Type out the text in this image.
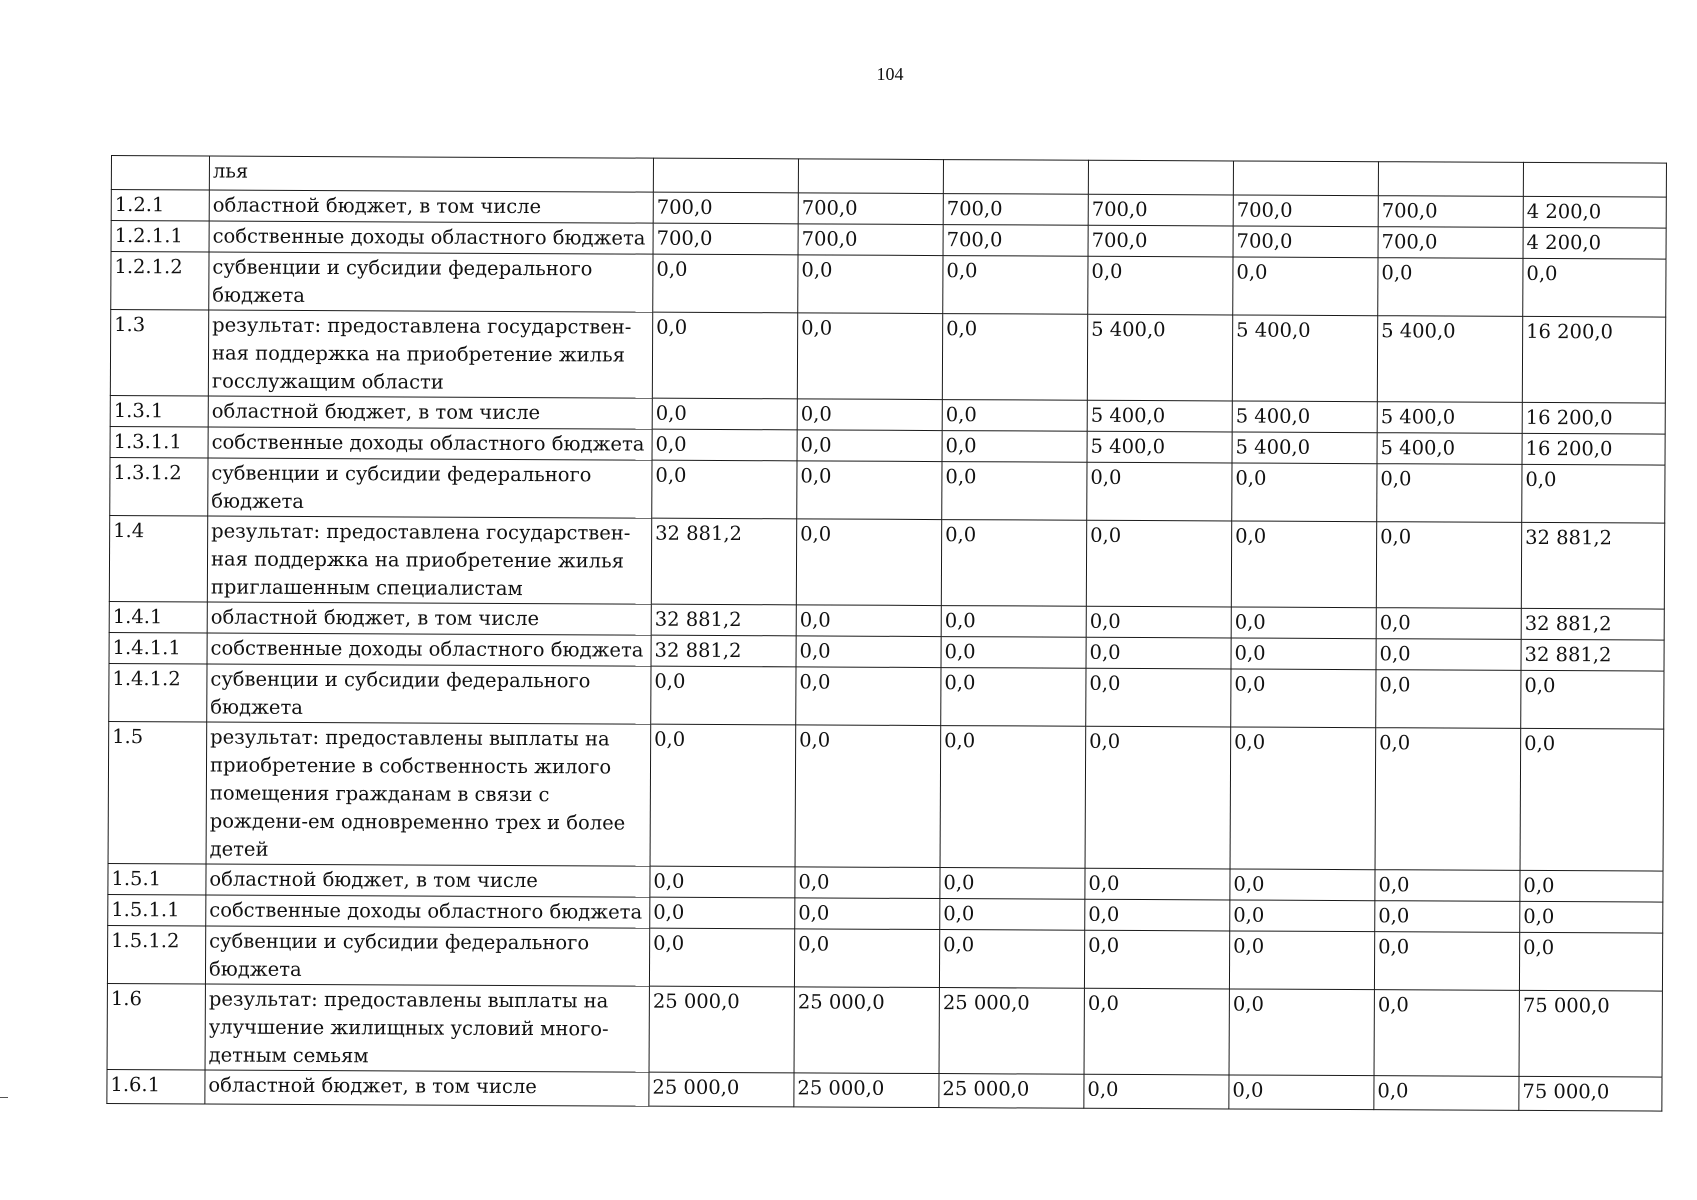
104
	лья							
1.2.1	областной бюджет, в том числе	700,0	700,0	700,0	700,0	700,0	700,0	4 200,0
1.2.1.1	собственные доходы областного бюджета	700,0	700,0	700,0	700,0	700,0	700,0	4 200,0
1.2.1.2	субвенции и субсидии федерального бюджета	0,0	0,0	0,0	0,0	0,0	0,0	0,0
1.3	результат: предоставлена государствен-ная поддержка на приобретение жилья госслужащим области	0,0	0,0	0,0	5 400,0	5 400,0	5 400,0	16 200,0
1.3.1	областной бюджет, в том числе	0,0	0,0	0,0	5 400,0	5 400,0	5 400,0	16 200,0
1.3.1.1	собственные доходы областного бюджета	0,0	0,0	0,0	5 400,0	5 400,0	5 400,0	16 200,0
1.3.1.2	субвенции и субсидии федерального бюджета	0,0	0,0	0,0	0,0	0,0	0,0	0,0
1.4	результат: предоставлена государствен-ная поддержка на приобретение жилья приглашенным специалистам	32 881,2	0,0	0,0	0,0	0,0	0,0	32 881,2
1.4.1	областной бюджет, в том числе	32 881,2	0,0	0,0	0,0	0,0	0,0	32 881,2
1.4.1.1	собственные доходы областного бюджета	32 881,2	0,0	0,0	0,0	0,0	0,0	32 881,2
1.4.1.2	субвенции и субсидии федерального бюджета	0,0	0,0	0,0	0,0	0,0	0,0	0,0
1.5	результат: предоставлены выплаты на приобретение в собственность жилого помещения гражданам в связи с рождени-ем одновременно трех и более детей	0,0	0,0	0,0	0,0	0,0	0,0	0,0
1.5.1	областной бюджет, в том числе	0,0	0,0	0,0	0,0	0,0	0,0	0,0
1.5.1.1	собственные доходы областного бюджета	0,0	0,0	0,0	0,0	0,0	0,0	0,0
1.5.1.2	субвенции и субсидии федерального бюджета	0,0	0,0	0,0	0,0	0,0	0,0	0,0
1.6	результат: предоставлены выплаты на улучшение жилищных условий много-детным семьям	25 000,0	25 000,0	25 000,0	0,0	0,0	0,0	75 000,0
1.6.1	областной бюджет, в том числе	25 000,0	25 000,0	25 000,0	0,0	0,0	0,0	75 000,0
